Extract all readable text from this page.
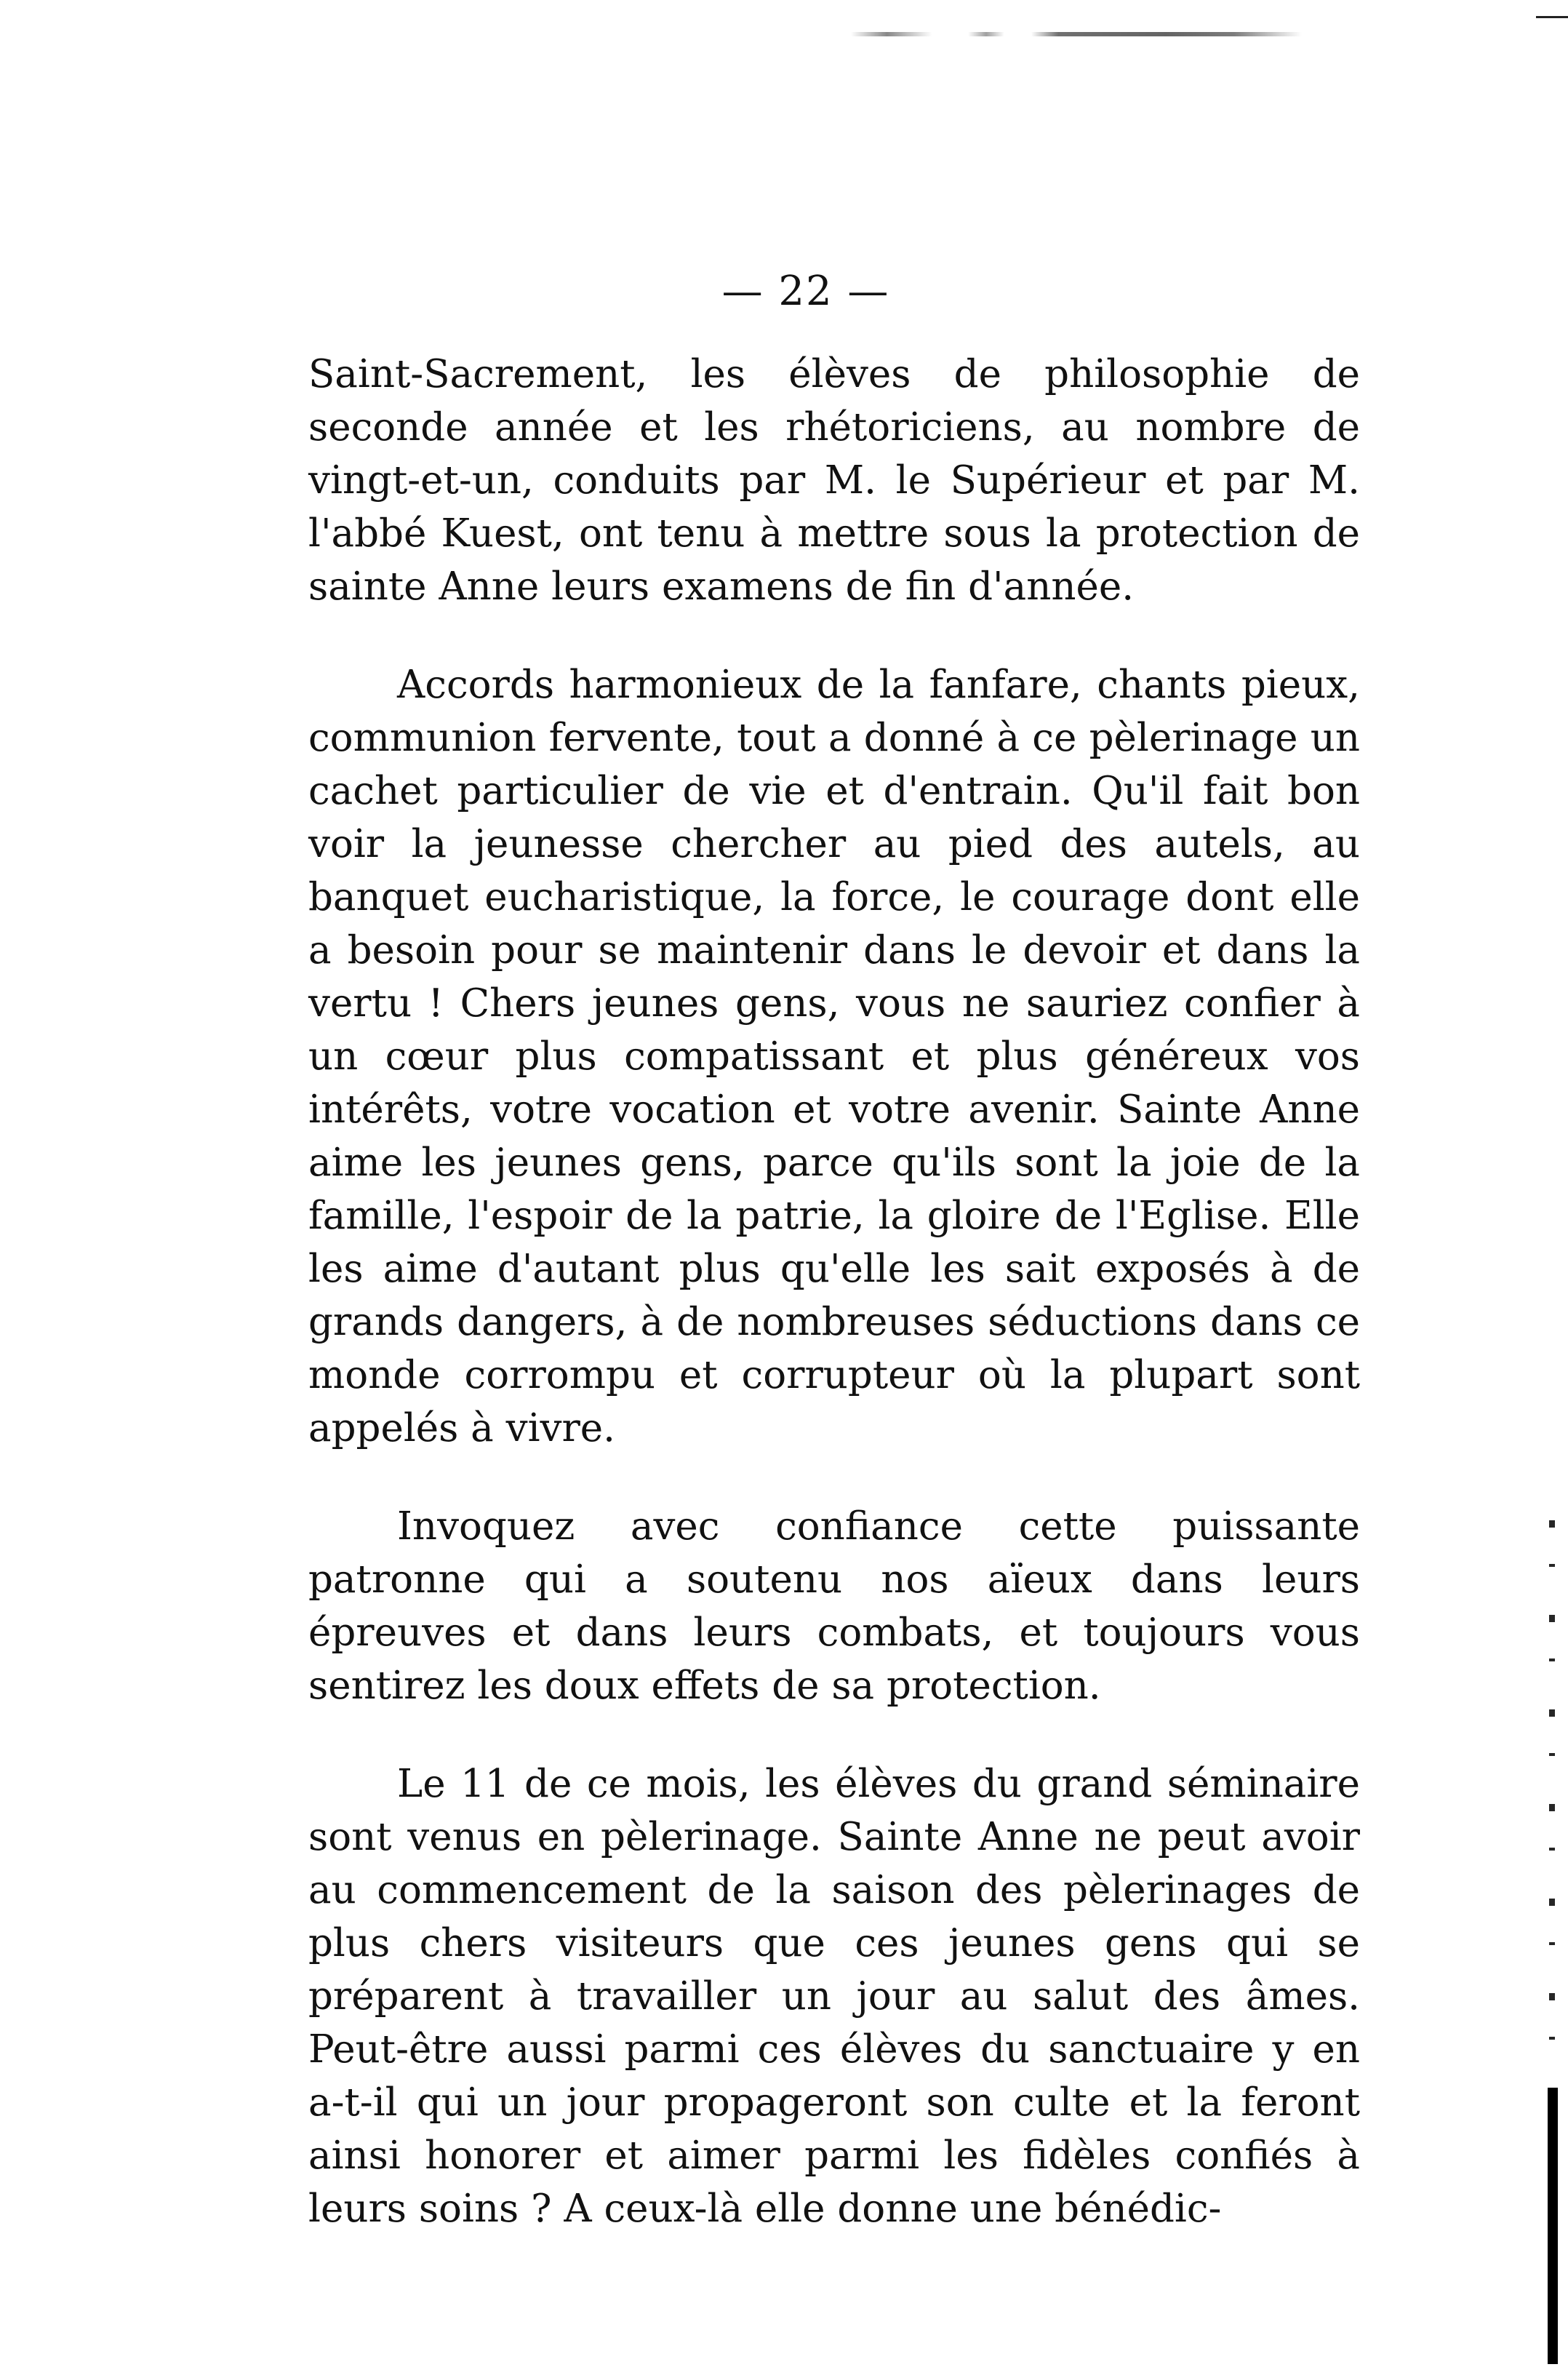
— 22 —

Saint-Sacrement, les élèves de philosophie de seconde année et les rhétoriciens, au nombre de vingt-et-un, conduits par M. le Supérieur et par M. l'abbé Kuest, ont tenu à mettre sous la protection de sainte Anne leurs examens de fin d'année.

Accords harmonieux de la fanfare, chants pieux, communion fervente, tout a donné à ce pèlerinage un cachet particulier de vie et d'entrain. Qu'il fait bon voir la jeunesse chercher au pied des autels, au banquet eucharistique, la force, le courage dont elle a besoin pour se maintenir dans le devoir et dans la vertu ! Chers jeunes gens, vous ne sauriez confier à un cœur plus compatissant et plus généreux vos intérêts, votre vocation et votre avenir. Sainte Anne aime les jeunes gens, parce qu'ils sont la joie de la famille, l'espoir de la patrie, la gloire de l'Eglise. Elle les aime d'autant plus qu'elle les sait exposés à de grands dangers, à de nombreuses séductions dans ce monde corrompu et corrupteur où la plupart sont appelés à vivre.

Invoquez avec confiance cette puissante patronne qui a soutenu nos aïeux dans leurs épreuves et dans leurs combats, et toujours vous sentirez les doux effets de sa protection.

Le 11 de ce mois, les élèves du grand séminaire sont venus en pèlerinage. Sainte Anne ne peut avoir au commencement de la saison des pèlerinages de plus chers visiteurs que ces jeunes gens qui se préparent à travailler un jour au salut des âmes. Peut-être aussi parmi ces élèves du sanctuaire y en a-t-il qui un jour propageront son culte et la feront ainsi honorer et aimer parmi les fidèles confiés à leurs soins ? A ceux-là elle donne une bénédic-
